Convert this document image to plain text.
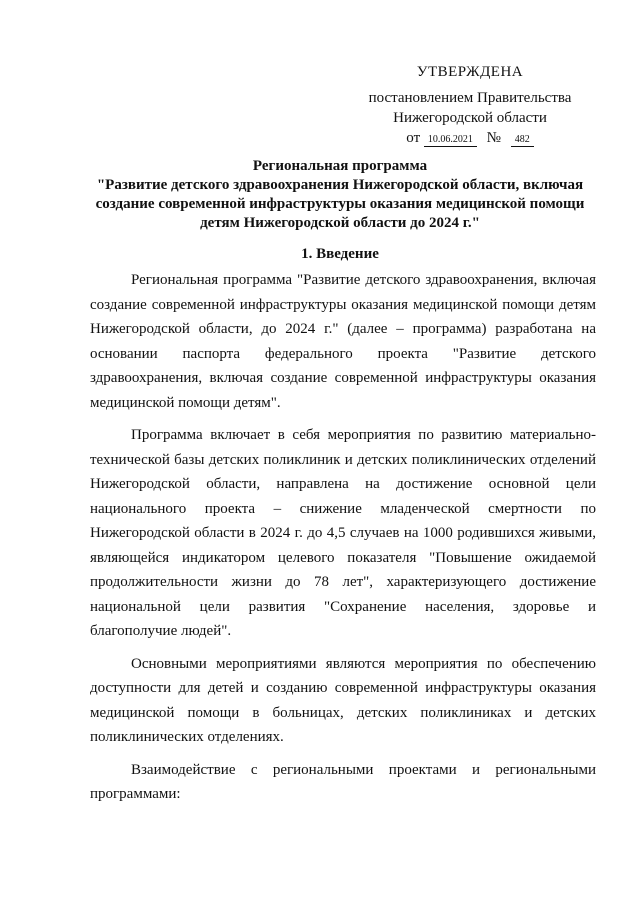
УТВЕРЖДЕНА
постановлением Правительства
Нижегородской области
от 10.06.2021 № 482
Региональная программа
"Развитие детского здравоохранения Нижегородской области, включая
создание современной инфраструктуры оказания медицинской помощи
детям Нижегородской области до 2024 г."
1. Введение

Региональная программа "Развитие детского здравоохранения, включая создание современной инфраструктуры оказания медицинской помощи детям Нижегородской области, до 2024 г." (далее – программа) разработана на основании паспорта федерального проекта "Развитие детского здравоохранения, включая создание современной инфраструктуры оказания медицинской помощи детям".

Программа включает в себя мероприятия по развитию материально-технической базы детских поликлиник и детских поликлинических отделений Нижегородской области, направлена на достижение основной цели национального проекта – снижение младенческой смертности по Нижегородской области в 2024 г. до 4,5 случаев на 1000 родившихся живыми, являющейся индикатором целевого показателя "Повышение ожидаемой продолжительности жизни до 78 лет", характеризующего достижение национальной цели развития "Сохранение населения, здоровье и благополучие людей".

Основными мероприятиями являются мероприятия по обеспечению доступности для детей и созданию современной инфраструктуры оказания медицинской помощи в больницах, детских поликлиниках и детских поликлинических отделениях.

Взаимодействие с региональными проектами и региональными программами:
